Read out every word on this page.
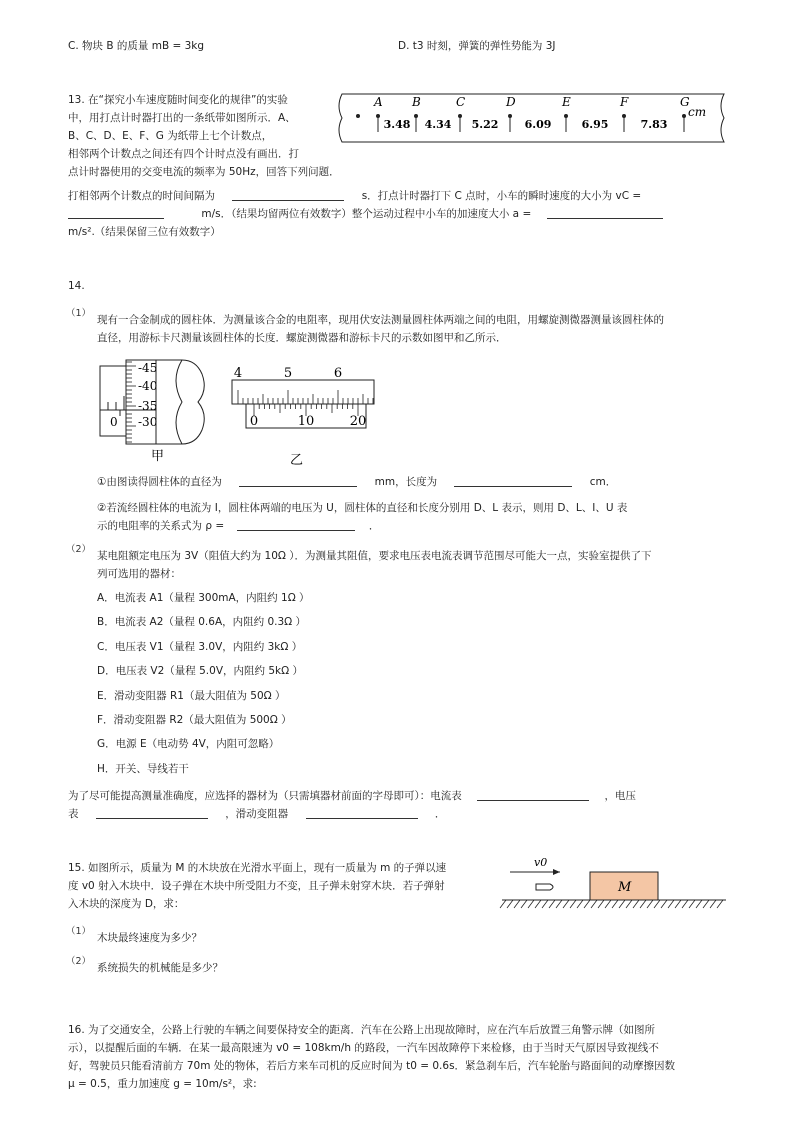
C. 物块 B 的质量 mB = 3kg	D. t3 时刻，弹簧的弹性势能为 3J
13. 在“探究小车速度随时间变化的规律”的实验
中，用打点计时器打出的一条纸带如图所示．A、
B、C、D、E、F、G 为纸带上七个计数点，
相邻两个计数点之间还有四个计时点没有画出．打
点计时器使用的交变电流的频率为 50Hz，回答下列问题．
A B	C	D	E	F	G
3.48 4.34 5.22 6.09	6.95	7.83
cm
打相邻两个计数点的时间间隔为	s．打点计时器打下 C 点时，小车的瞬时速度的大小为 vC =
m/s．（结果均留两位有效数字）整个运动过程中小车的加速度大小 a =
m/s².（结果保留三位有效数字）
14.
（1）
现有一合金制成的圆柱体．为测量该合金的电阻率，现用伏安法测量圆柱体两端之间的电阻，用螺旋测微器测量该圆柱体的
直径，用游标卡尺测量该圆柱体的长度．螺旋测微器和游标卡尺的示数如图甲和乙所示．
-45
-40
-35
-30
0
甲
4	5	6
0	10	20
乙
①由图读得圆柱体的直径为	mm，长度为	cm．
②若流经圆柱体的电流为 I，圆柱体两端的电压为 U，圆柱体的直径和长度分别用 D、L 表示，则用 D、L、I、U 表
示的电阻率的关系式为 ρ =	．
（2）
某电阻额定电压为 3V（阻值大约为 10Ω ）．为测量其阻值，要求电压表电流表调节范围尽可能大一点，实验室提供了下
列可选用的器材：
A．电流表 A1（量程 300mA，内阻约 1Ω ）
B．电流表 A2（量程 0.6A，内阻约 0.3Ω ）
C．电压表 V1（量程 3.0V，内阻约 3kΩ ）
D．电压表 V2（量程 5.0V，内阻约 5kΩ ）
E．滑动变阻器 R1（最大阻值为 50Ω ）
F．滑动变阻器 R2（最大阻值为 500Ω ）
G．电源 E（电动势 4V，内阻可忽略）
H．开关、导线若干
为了尽可能提高测量准确度，应选择的器材为（只需填器材前面的字母即可）：电流表	，电压
表	，滑动变阻器	．
15. 如图所示，质量为 M 的木块放在光滑水平面上，现有一质量为 m 的子弹以速
度 v0 射入木块中．设子弹在木块中所受阻力不变，且子弹未射穿木块．若子弹射
入木块的深度为 D，求：
v0
M
（1）
木块最终速度为多少？
（2）
系统损失的机械能是多少？
16. 为了交通安全，公路上行驶的车辆之间要保持安全的距离．汽车在公路上出现故障时，应在汽车后放置三角警示牌（如图所
示），以提醒后面的车辆．在某一最高限速为 v0 = 108km/h 的路段，一汽车因故障停下来检修，由于当时天气原因导致视线不
好，驾驶员只能看清前方 70m 处的物体，若后方来车司机的反应时间为 t0 = 0.6s．紧急刹车后，汽车轮胎与路面间的动摩擦因数
μ = 0.5，重力加速度 g = 10m/s²，求:
